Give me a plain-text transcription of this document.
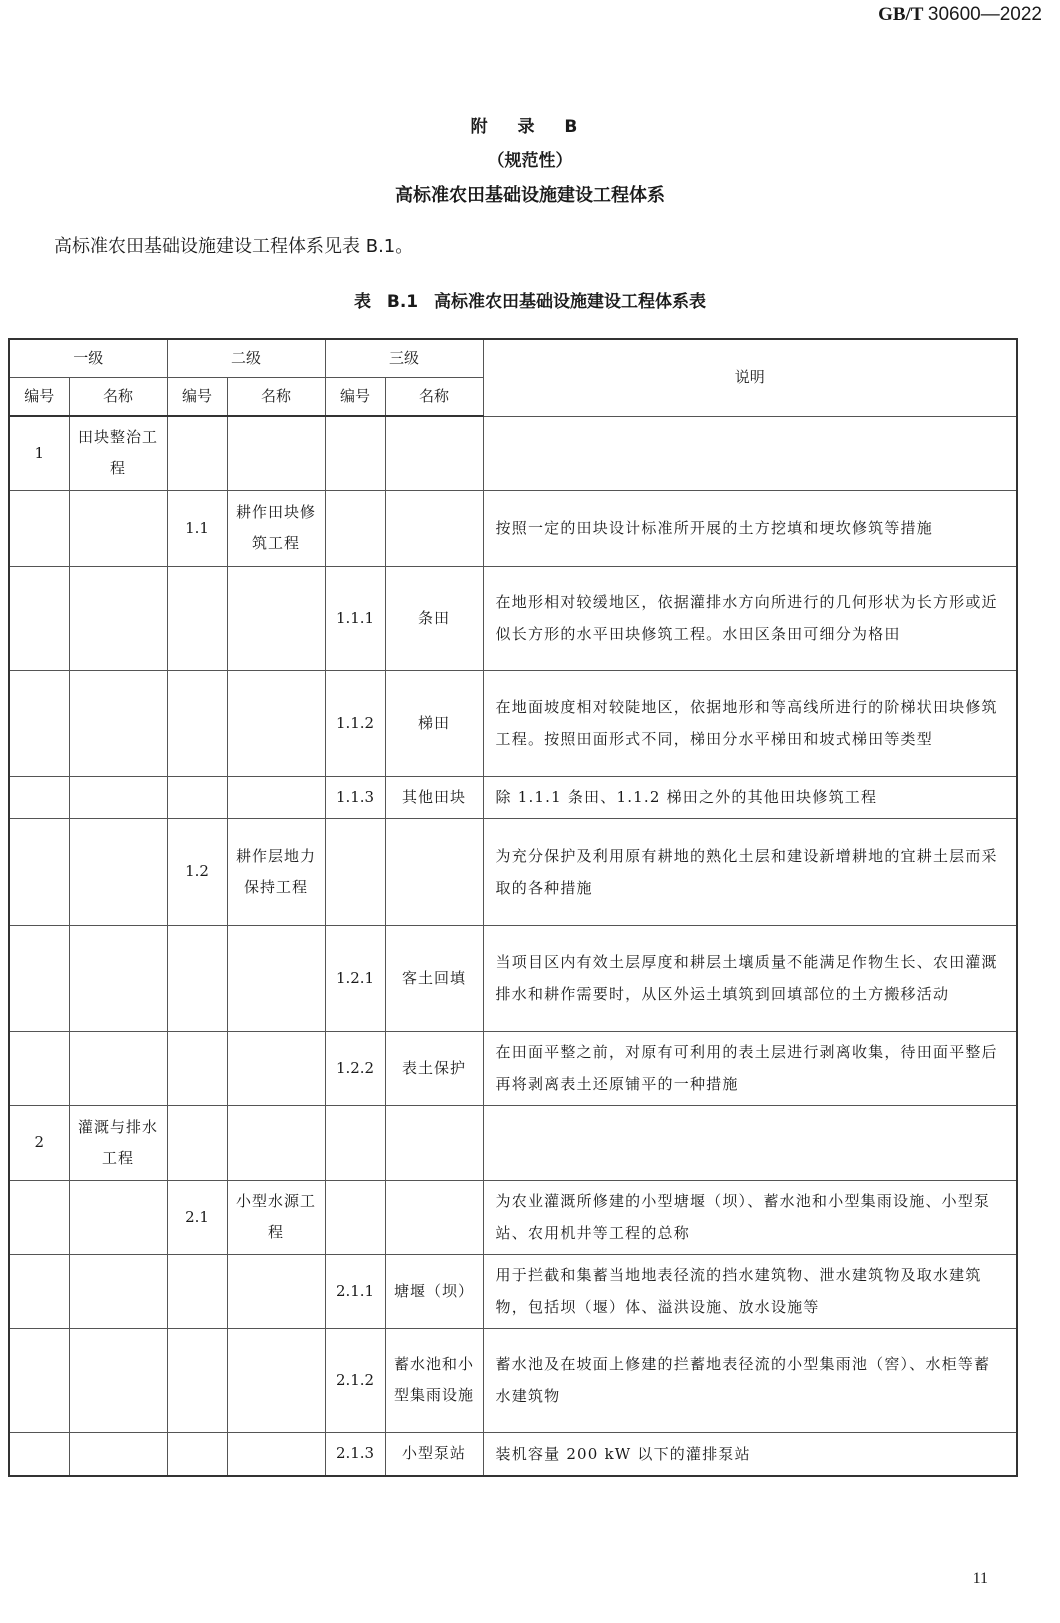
GB/T 30600—2022
附 录 B
（规范性）
高标准农田基础设施建设工程体系
高标准农田基础设施建设工程体系见表 B.1。
表 B.1 高标准农田基础设施建设工程体系表
一级		二级		三级		说明
编号	名称	编号	名称	编号	名称	
1	田块整治工程					
		1.1	耕作田块修筑工程			按照一定的田块设计标准所开展的土方挖填和埂坎修筑等措施
				1.1.1	条田	在地形相对较缓地区，依据灌排水方向所进行的几何形状为长方形或近似长方形的水平田块修筑工程。水田区条田可细分为格田
				1.1.2	梯田	在地面坡度相对较陡地区，依据地形和等高线所进行的阶梯状田块修筑工程。按照田面形式不同，梯田分水平梯田和坡式梯田等类型
				1.1.3	其他田块	除 1.1.1 条田、1.1.2 梯田之外的其他田块修筑工程
		1.2	耕作层地力保持工程			为充分保护及利用原有耕地的熟化土层和建设新增耕地的宜耕土层而采取的各种措施
				1.2.1	客土回填	当项目区内有效土层厚度和耕层土壤质量不能满足作物生长、农田灌溉排水和耕作需要时，从区外运土填筑到回填部位的土方搬移活动
				1.2.2	表土保护	在田面平整之前，对原有可利用的表土层进行剥离收集，待田面平整后再将剥离表土还原铺平的一种措施
2	灌溉与排水工程					
		2.1	小型水源工程			为农业灌溉所修建的小型塘堰（坝）、蓄水池和小型集雨设施、小型泵站、农用机井等工程的总称
				2.1.1	塘堰（坝）	用于拦截和集蓄当地地表径流的挡水建筑物、泄水建筑物及取水建筑物，包括坝（堰）体、溢洪设施、放水设施等
				2.1.2	蓄水池和小型集雨设施	蓄水池及在坡面上修建的拦蓄地表径流的小型集雨池（窖）、水柜等蓄水建筑物
				2.1.3	小型泵站	装机容量 200 kW 以下的灌排泵站
11
